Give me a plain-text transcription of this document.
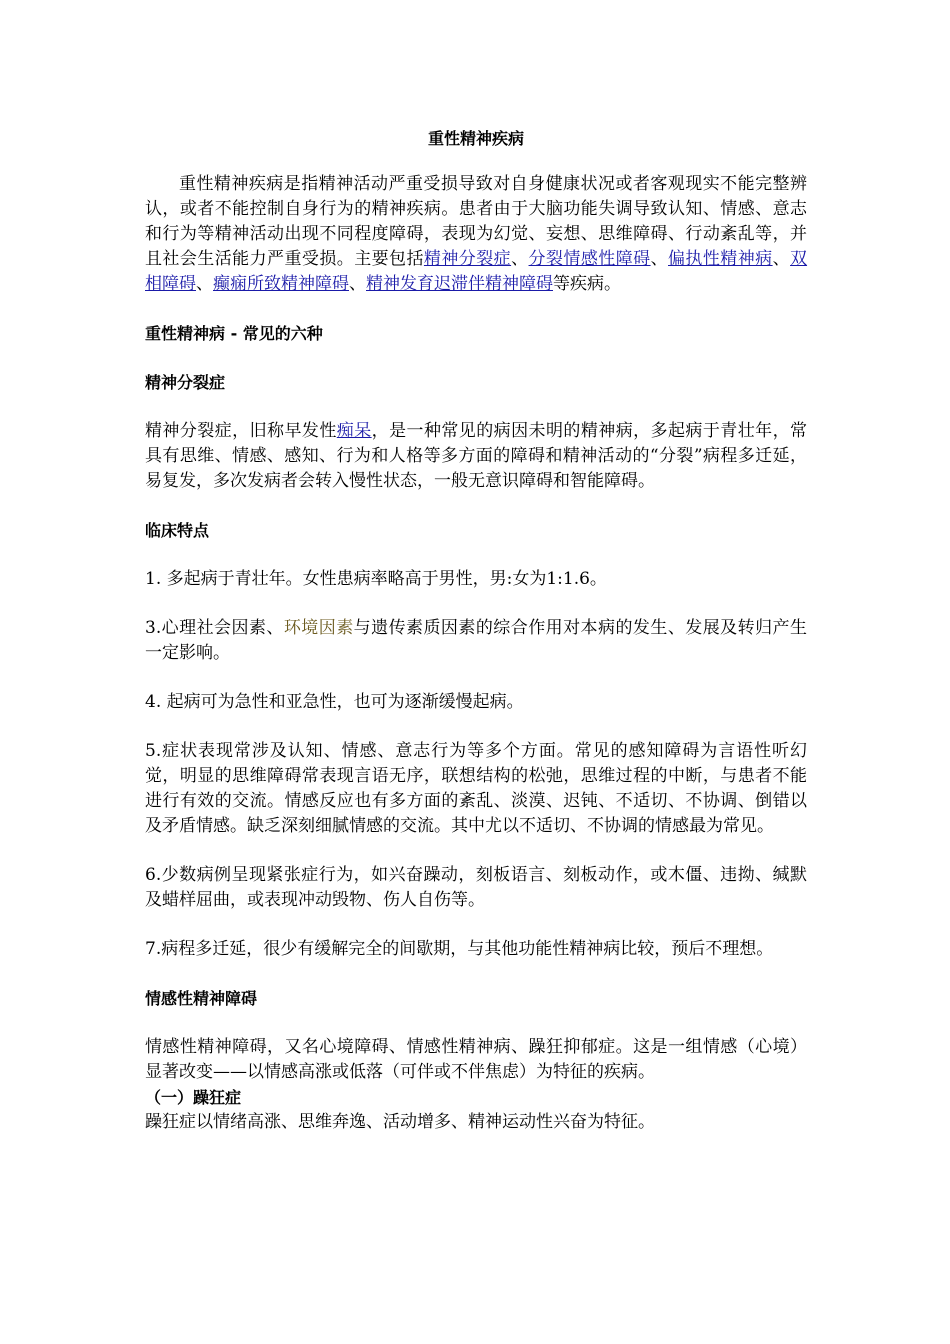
重性精神疾病

重性精神疾病是指精神活动严重受损导致对自身健康状况或者客观现实不能完整辨认，或者不能控制自身行为的精神疾病。患者由于大脑功能失调导致认知、情感、意志和行为等精神活动出现不同程度障碍，表现为幻觉、妄想、思维障碍、行动紊乱等，并且社会生活能力严重受损。主要包括精神分裂症、分裂情感性障碍、偏执性精神病、双相障碍、癫痫所致精神障碍、精神发育迟滞伴精神障碍等疾病。

重性精神病 - 常见的六种

精神分裂症

精神分裂症，旧称早发性痴呆，是一种常见的病因未明的精神病，多起病于青壮年，常具有思维、情感、感知、行为和人格等多方面的障碍和精神活动的“分裂”病程多迁延，易复发，多次发病者会转入慢性状态，一般无意识障碍和智能障碍。

临床特点

1. 多起病于青壮年。女性患病率略高于男性，男:女为1:1.6。

3.心理社会因素、环境因素与遗传素质因素的综合作用对本病的发生、发展及转归产生一定影响。

4. 起病可为急性和亚急性，也可为逐渐缓慢起病。

5.症状表现常涉及认知、情感、意志行为等多个方面。常见的感知障碍为言语性听幻觉，明显的思维障碍常表现言语无序，联想结构的松弛，思维过程的中断，与患者不能进行有效的交流。情感反应也有多方面的紊乱、淡漠、迟钝、不适切、不协调、倒错以及矛盾情感。缺乏深刻细腻情感的交流。其中尤以不适切、不协调的情感最为常见。

6.少数病例呈现紧张症行为，如兴奋躁动，刻板语言、刻板动作，或木僵、违拗、缄默及蜡样屈曲，或表现冲动毁物、伤人自伤等。

7.病程多迁延，很少有缓解完全的间歇期，与其他功能性精神病比较，预后不理想。

情感性精神障碍

情感性精神障碍，又名心境障碍、情感性精神病、躁狂抑郁症。这是一组情感（心境）显著改变——以情感高涨或低落（可伴或不伴焦虑）为特征的疾病。

（一）躁狂症

躁狂症以情绪高涨、思维奔逸、活动增多、精神运动性兴奋为特征。
